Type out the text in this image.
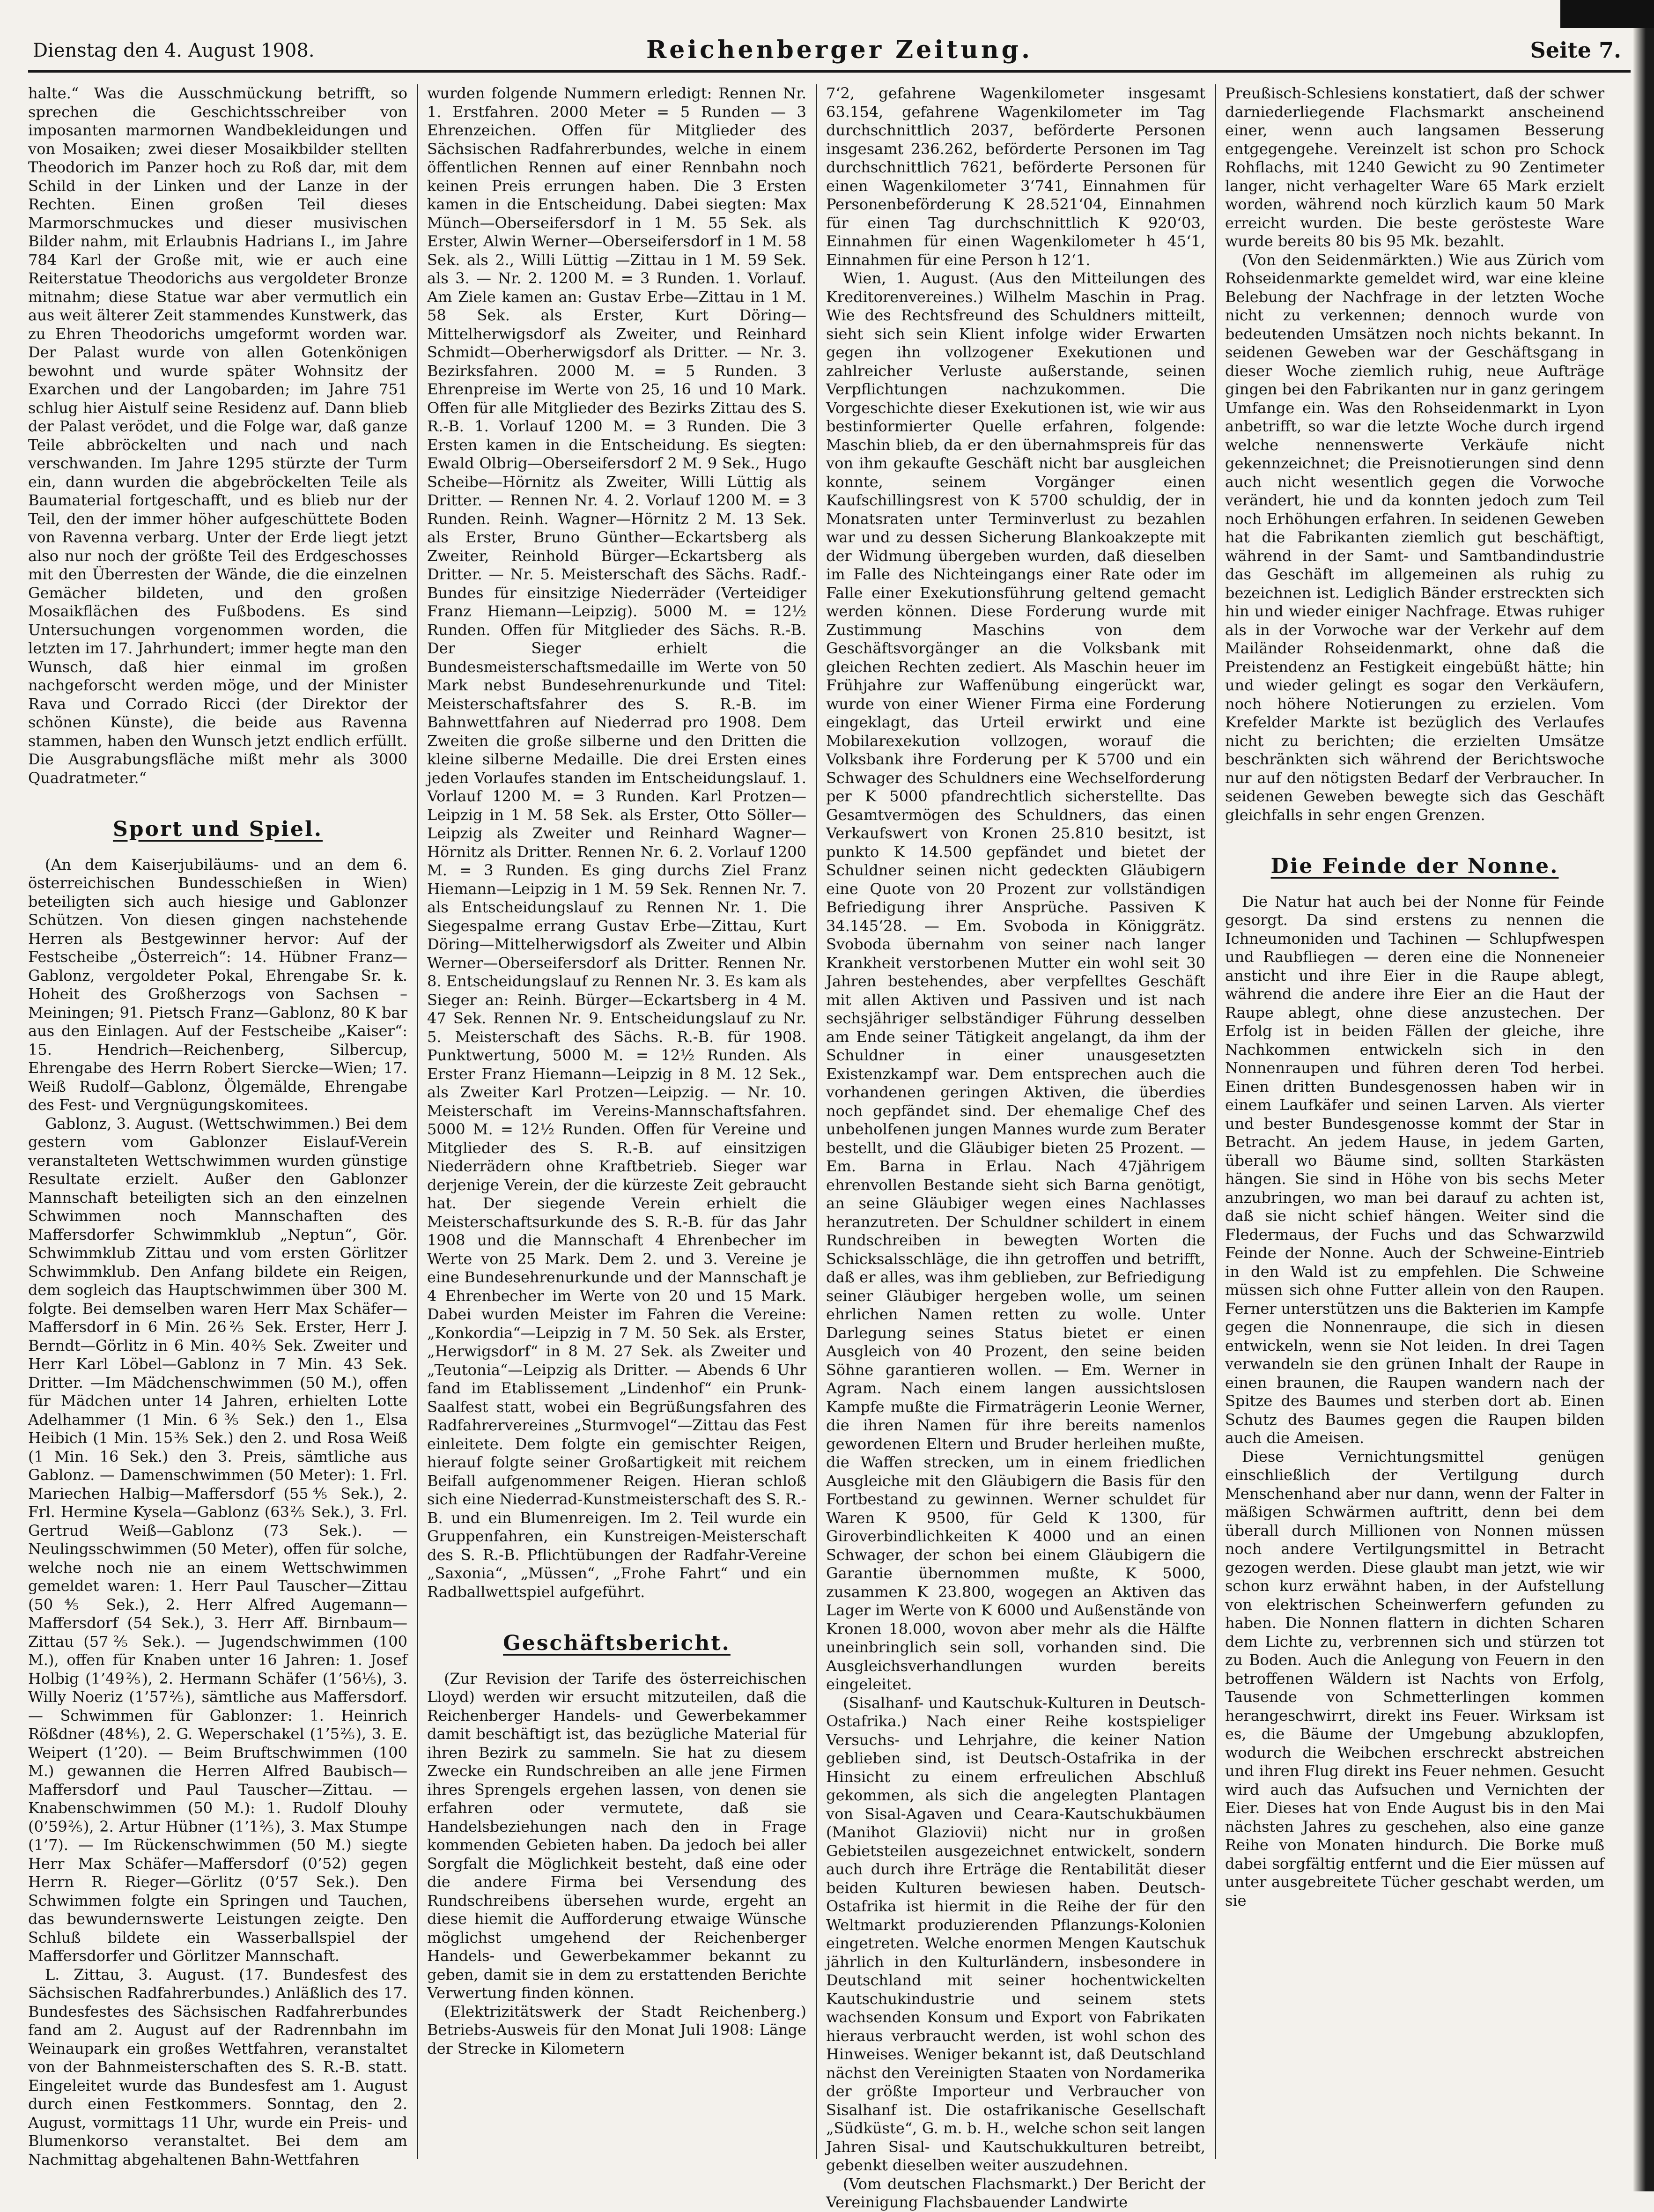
Dienstag den 4. August 1908.	Reichenberger Zeitung.	Seite 7.

halte.“ Was die Ausschmückung betrifft, so sprechen die Geschichtsschreiber von imposanten marmornen Wandbekleidungen und von Mosaiken; zwei dieser Mosaikbilder stellten Theodorich im Panzer hoch zu Roß dar, mit dem Schild in der Linken und der Lanze in der Rechten. Einen großen Teil dieses Marmorschmuckes und dieser musivischen Bilder nahm, mit Erlaubnis Hadrians I., im Jahre 784 Karl der Große mit, wie er auch eine Reiterstatue Theodorichs aus vergoldeter Bronze mitnahm; diese Statue war aber vermutlich ein aus weit älterer Zeit stammendes Kunstwerk, das zu Ehren Theodorichs umgeformt worden war. Der Palast wurde von allen Gotenkönigen bewohnt und wurde später Wohnsitz der Exarchen und der Langobarden; im Jahre 751 schlug hier Aistulf seine Residenz auf. Dann blieb der Palast verödet, und die Folge war, daß ganze Teile abbröckelten und nach und nach verschwanden. Im Jahre 1295 stürzte der Turm ein, dann wurden die abgebröckelten Teile als Baumaterial fortgeschafft, und es blieb nur der Teil, den der immer höher aufgeschüttete Boden von Ravenna verbarg. Unter der Erde liegt jetzt also nur noch der größte Teil des Erdgeschosses mit den Überresten der Wände, die die einzelnen Gemächer bildeten, und den großen Mosaikflächen des Fußbodens. Es sind Untersuchungen vorgenommen worden, die letzten im 17. Jahrhundert; immer hegte man den Wunsch, daß hier einmal im großen nachgeforscht werden möge, und der Minister Rava und Corrado Ricci (der Direktor der schönen Künste), die beide aus Ravenna stammen, haben den Wunsch jetzt endlich erfüllt. Die Ausgrabungsfläche mißt mehr als 3000 Quadratmeter.“

Sport und Spiel.

(An dem Kaiserjubiläums- und an dem 6. österreichischen Bundesschießen in Wien) beteiligten sich auch hiesige und Gablonzer Schützen. Von diesen gingen nachstehende Herren als Bestgewinner hervor: Auf der Festscheibe „Österreich“: 14. Hübner Franz—Gablonz, vergoldeter Pokal, Ehrengabe Sr. k. Hoheit des Großherzogs von Sachsen – Meiningen; 91. Pietsch Franz—Gablonz, 80 K bar aus den Einlagen. Auf der Festscheibe „Kaiser“: 15. Hendrich—Reichenberg, Silbercup, Ehrengabe des Herrn Robert Siercke—Wien; 17. Weiß Rudolf—Gablonz, Ölgemälde, Ehrengabe des Fest- und Vergnügungskomitees.

Gablonz, 3. August. (Wettschwimmen.) Bei dem gestern vom Gablonzer Eislauf-Verein veranstalteten Wettschwimmen wurden günstige Resultate erzielt. Außer den Gablonzer Mannschaft beteiligten sich an den einzelnen Schwimmen noch Mannschaften des Maffersdorfer Schwimmklub „Neptun“, Gör. Schwimmklub Zittau und vom ersten Görlitzer Schwimmklub. Den Anfang bildete ein Reigen, dem sogleich das Hauptschwimmen über 300 M. folgte. Bei demselben waren Herr Max Schäfer—Maffersdorf in 6 Min. 26⅖ Sek. Erster, Herr J. Berndt—Görlitz in 6 Min. 40⅖ Sek. Zweiter und Herr Karl Löbel—Gablonz in 7 Min. 43 Sek. Dritter. —Im Mädchenschwimmen (50 M.), offen für Mädchen unter 14 Jahren, erhielten Lotte Adelhammer (1 Min. 6⅗ Sek.) den 1., Elsa Heibich (1 Min. 15⅗ Sek.) den 2. und Rosa Weiß (1 Min. 16 Sek.) den 3. Preis, sämtliche aus Gablonz. — Damenschwimmen (50 Meter): 1. Frl. Mariechen Halbig—Maffersdorf (55⅘ Sek.), 2. Frl. Hermine Kysela—Gablonz (63⅖ Sek.), 3. Frl. Gertrud Weiß—Gablonz (73 Sek.). — Neulingsschwimmen (50 Meter), offen für solche, welche noch nie an einem Wettschwimmen gemeldet waren: 1. Herr Paul Tauscher—Zittau (50⅘ Sek.), 2. Herr Alfred Augemann—Maffersdorf (54 Sek.), 3. Herr Aff. Birnbaum—Zittau (57⅖ Sek.). — Jugendschwimmen (100 M.), offen für Knaben unter 16 Jahren: 1. Josef Holbig (1’49⅖), 2. Hermann Schäfer (1’56⅕), 3. Willy Noeriz (1’57⅖), sämtliche aus Maffersdorf. — Schwimmen für Gablonzer: 1. Heinrich Rößdner (48⅘), 2. G. Weperschakel (1’5⅖), 3. E. Weipert (1’20). — Beim Bruftschwimmen (100 M.) gewannen die Herren Alfred Baubisch—Maffersdorf und Paul Tauscher—Zittau. — Knabenschwimmen (50 M.): 1. Rudolf Dlouhy (0’59⅖), 2. Artur Hübner (1’1⅖), 3. Max Stumpe (1’7). — Im Rückenschwimmen (50 M.) siegte Herr Max Schäfer—Maffersdorf (0’52) gegen Herrn R. Rieger—Görlitz (0’57 Sek.). Den Schwimmen folgte ein Springen und Tauchen, das bewundernswerte Leistungen zeigte. Den Schluß bildete ein Wasserballspiel der Maffersdorfer und Görlitzer Mannschaft.

L. Zittau, 3. August. (17. Bundesfest des Sächsischen Radfahrerbundes.) Anläßlich des 17. Bundesfestes des Sächsischen Radfahrerbundes fand am 2. August auf der Radrennbahn im Weinaupark ein großes Wettfahren, veranstaltet von der Bahnmeisterschaften des S. R.-B. statt. Eingeleitet wurde das Bundesfest am 1. August durch einen Festkommers. Sonntag, den 2. August, vormittags 11 Uhr, wurde ein Preis- und Blumenkorso veranstaltet. Bei dem am Nachmittag abgehaltenen Bahn-Wettfahren

wurden folgende Nummern erledigt: Rennen Nr. 1. Erstfahren. 2000 Meter = 5 Runden — 3 Ehrenzeichen. Offen für Mitglieder des Sächsischen Radfahrerbundes, welche in einem öffentlichen Rennen auf einer Rennbahn noch keinen Preis errungen haben. Die 3 Ersten kamen in die Entscheidung. Dabei siegten: Max Münch—Oberseifersdorf in 1 M. 55 Sek. als Erster, Alwin Werner—Oberseifersdorf in 1 M. 58 Sek. als 2., Willi Lüttig —Zittau in 1 M. 59 Sek. als 3. — Nr. 2. 1200 M. = 3 Runden. 1. Vorlauf. Am Ziele kamen an: Gustav Erbe—Zittau in 1 M. 58 Sek. als Erster, Kurt Döring—Mittelherwigsdorf als Zweiter, und Reinhard Schmidt—Oberherwigsdorf als Dritter. — Nr. 3. Bezirksfahren. 2000 M. = 5 Runden. 3 Ehrenpreise im Werte von 25, 16 und 10 Mark. Offen für alle Mitglieder des Bezirks Zittau des S. R.-B. 1. Vorlauf 1200 M. = 3 Runden. Die 3 Ersten kamen in die Entscheidung. Es siegten: Ewald Olbrig—Oberseifersdorf 2 M. 9 Sek., Hugo Scheibe—Hörnitz als Zweiter, Willi Lüttig als Dritter. — Rennen Nr. 4. 2. Vorlauf 1200 M. = 3 Runden. Reinh. Wagner—Hörnitz 2 M. 13 Sek. als Erster, Bruno Günther—Eckartsberg als Zweiter, Reinhold Bürger—Eckartsberg als Dritter. — Nr. 5. Meisterschaft des Sächs. Radf.-Bundes für einsitzige Niederräder (Verteidiger Franz Hiemann—Leipzig). 5000 M. = 12½ Runden. Offen für Mitglieder des Sächs. R.-B. Der Sieger erhielt die Bundesmeisterschaftsmedaille im Werte von 50 Mark nebst Bundesehrenurkunde und Titel: Meisterschaftsfahrer des S. R.-B. im Bahnwettfahren auf Niederrad pro 1908. Dem Zweiten die große silberne und den Dritten die kleine silberne Medaille. Die drei Ersten eines jeden Vorlaufes standen im Entscheidungslauf. 1. Vorlauf 1200 M. = 3 Runden. Karl Protzen—Leipzig in 1 M. 58 Sek. als Erster, Otto Söller—Leipzig als Zweiter und Reinhard Wagner—Hörnitz als Dritter. Rennen Nr. 6. 2. Vorlauf 1200 M. = 3 Runden. Es ging durchs Ziel Franz Hiemann—Leipzig in 1 M. 59 Sek. Rennen Nr. 7. als Entscheidungslauf zu Rennen Nr. 1. Die Siegespalme errang Gustav Erbe—Zittau, Kurt Döring—Mittelherwigsdorf als Zweiter und Albin Werner—Oberseifersdorf als Dritter. Rennen Nr. 8. Entscheidungslauf zu Rennen Nr. 3. Es kam als Sieger an: Reinh. Bürger—Eckartsberg in 4 M. 47 Sek. Rennen Nr. 9. Entscheidungslauf zu Nr. 5. Meisterschaft des Sächs. R.-B. für 1908. Punktwertung, 5000 M. = 12½ Runden. Als Erster Franz Hiemann—Leipzig in 8 M. 12 Sek., als Zweiter Karl Protzen—Leipzig. — Nr. 10. Meisterschaft im Vereins-Mannschaftsfahren. 5000 M. = 12½ Runden. Offen für Vereine und Mitglieder des S. R.-B. auf einsitzigen Niederrädern ohne Kraftbetrieb. Sieger war derjenige Verein, der die kürzeste Zeit gebraucht hat. Der siegende Verein erhielt die Meisterschaftsurkunde des S. R.-B. für das Jahr 1908 und die Mannschaft 4 Ehrenbecher im Werte von 25 Mark. Dem 2. und 3. Vereine je eine Bundesehrenurkunde und der Mannschaft je 4 Ehrenbecher im Werte von 20 und 15 Mark. Dabei wurden Meister im Fahren die Vereine: „Konkordia“—Leipzig in 7 M. 50 Sek. als Erster, „Herwigsdorf“ in 8 M. 27 Sek. als Zweiter und „Teutonia“—Leipzig als Dritter. — Abends 6 Uhr fand im Etablissement „Lindenhof“ ein Prunk-Saalfest statt, wobei ein Begrüßungsfahren des Radfahrervereines „Sturmvogel“—Zittau das Fest einleitete. Dem folgte ein gemischter Reigen, hierauf folgte seiner Großartigkeit mit reichem Beifall aufgenommener Reigen. Hieran schloß sich eine Niederrad-Kunstmeisterschaft des S. R.-B. und ein Blumenreigen. Im 2. Teil wurde ein Gruppenfahren, ein Kunstreigen-Meisterschaft des S. R.-B. Pflichtübungen der Radfahr-Vereine „Saxonia“, „Müssen“, „Frohe Fahrt“ und ein Radballwettspiel aufgeführt.

Geschäftsbericht.

(Zur Revision der Tarife des österreichischen Lloyd) werden wir ersucht mitzuteilen, daß die Reichenberger Handels- und Gewerbekammer damit beschäftigt ist, das bezügliche Material für ihren Bezirk zu sammeln. Sie hat zu diesem Zwecke ein Rundschreiben an alle jene Firmen ihres Sprengels ergehen lassen, von denen sie erfahren oder vermutete, daß sie Handelsbeziehungen nach den in Frage kommenden Gebieten haben. Da jedoch bei aller Sorgfalt die Möglichkeit besteht, daß eine oder die andere Firma bei Versendung des Rundschreibens übersehen wurde, ergeht an diese hiemit die Aufforderung etwaige Wünsche möglichst umgehend der Reichenberger Handels- und Gewerbekammer bekannt zu geben, damit sie in dem zu erstattenden Berichte Verwertung finden können.

(Elektrizitätswerk der Stadt Reichenberg.) Betriebs-Ausweis für den Monat Juli 1908: Länge der Strecke in Kilometern

7‘2, gefahrene Wagenkilometer insgesamt 63.154, gefahrene Wagenkilometer im Tag durchschnittlich 2037, beförderte Personen insgesamt 236.262, beförderte Personen im Tag durchschnittlich 7621, beförderte Personen für einen Wagenkilometer 3‘741, Einnahmen für Personenbeförderung K 28.521‘04, Einnahmen für einen Tag durchschnittlich K 920‘03, Einnahmen für einen Wagenkilometer h 45‘1, Einnahmen für eine Person h 12‘1.

Wien, 1. August. (Aus den Mitteilungen des Kreditorenvereines.) Wilhelm Maschin in Prag. Wie des Rechtsfreund des Schuldners mitteilt, sieht sich sein Klient infolge wider Erwarten gegen ihn vollzogener Exekutionen und zahlreicher Verluste außerstande, seinen Verpflichtungen nachzukommen. Die Vorgeschichte dieser Exekutionen ist, wie wir aus bestinformierter Quelle erfahren, folgende: Maschin blieb, da er den übernahmspreis für das von ihm gekaufte Geschäft nicht bar ausgleichen konnte, seinem Vorgänger einen Kaufschillingsrest von K 5700 schuldig, der in Monatsraten unter Terminverlust zu bezahlen war und zu dessen Sicherung Blankoakzepte mit der Widmung übergeben wurden, daß dieselben im Falle des Nichteingangs einer Rate oder im Falle einer Exekutionsführung geltend gemacht werden können. Diese Forderung wurde mit Zustimmung Maschins von dem Geschäftsvorgänger an die Volksbank mit gleichen Rechten zediert. Als Maschin heuer im Frühjahre zur Waffenübung eingerückt war, wurde von einer Wiener Firma eine Forderung eingeklagt, das Urteil erwirkt und eine Mobilarexekution vollzogen, worauf die Volksbank ihre Forderung per K 5700 und ein Schwager des Schuldners eine Wechselforderung per K 5000 pfandrechtlich sicherstellte. Das Gesamtvermögen des Schuldners, das einen Verkaufswert von Kronen 25.810 besitzt, ist punkto K 14.500 gepfändet und bietet der Schuldner seinen nicht gedeckten Gläubigern eine Quote von 20 Prozent zur vollständigen Befriedigung ihrer Ansprüche. Passiven K 34.145‘28. — Em. Svoboda in Königgrätz. Svoboda übernahm von seiner nach langer Krankheit verstorbenen Mutter ein wohl seit 30 Jahren bestehendes, aber verpfelltes Geschäft mit allen Aktiven und Passiven und ist nach sechsjähriger selbständiger Führung desselben am Ende seiner Tätigkeit angelangt, da ihm der Schuldner in einer unausgesetzten Existenzkampf war. Dem entsprechen auch die vorhandenen geringen Aktiven, die überdies noch gepfändet sind. Der ehemalige Chef des unbeholfenen jungen Mannes wurde zum Berater bestellt, und die Gläubiger bieten 25 Prozent. — Em. Barna in Erlau. Nach 47jährigem ehrenvollen Bestande sieht sich Barna genötigt, an seine Gläubiger wegen eines Nachlasses heranzutreten. Der Schuldner schildert in einem Rundschreiben in bewegten Worten die Schicksalsschläge, die ihn getroffen und betrifft, daß er alles, was ihm geblieben, zur Befriedigung seiner Gläubiger hergeben wolle, um seinen ehrlichen Namen retten zu wolle. Unter Darlegung seines Status bietet er einen Ausgleich von 40 Prozent, den seine beiden Söhne garantieren wollen. — Em. Werner in Agram. Nach einem langen aussichtslosen Kampfe mußte die Firmaträgerin Leonie Werner, die ihren Namen für ihre bereits namenlos gewordenen Eltern und Bruder herleihen mußte, die Waffen strecken, um in einem friedlichen Ausgleiche mit den Gläubigern die Basis für den Fortbestand zu gewinnen. Werner schuldet für Waren K 9500, für Geld K 1300, für Giroverbindlichkeiten K 4000 und an einen Schwager, der schon bei einem Gläubigern die Garantie übernommen mußte, K 5000, zusammen K 23.800, wogegen an Aktiven das Lager im Werte von K 6000 und Außenstände von Kronen 18.000, wovon aber mehr als die Hälfte uneinbringlich sein soll, vorhanden sind. Die Ausgleichsverhandlungen wurden bereits eingeleitet.

(Sisalhanf- und Kautschuk-Kulturen in Deutsch-Ostafrika.) Nach einer Reihe kostspieliger Versuchs- und Lehrjahre, die keiner Nation geblieben sind, ist Deutsch-Ostafrika in der Hinsicht zu einem erfreulichen Abschluß gekommen, als sich die angelegten Plantagen von Sisal-Agaven und Ceara-Kautschukbäumen (Manihot Glaziovii) nicht nur in großen Gebietsteilen ausgezeichnet entwickelt, sondern auch durch ihre Erträge die Rentabilität dieser beiden Kulturen bewiesen haben. Deutsch-Ostafrika ist hiermit in die Reihe der für den Weltmarkt produzierenden Pflanzungs-Kolonien eingetreten. Welche enormen Mengen Kautschuk jährlich in den Kulturländern, insbesondere in Deutschland mit seiner hochentwickelten Kautschukindustrie und seinem stets wachsenden Konsum und Export von Fabrikaten hieraus verbraucht werden, ist wohl schon des Hinweises. Weniger bekannt ist, daß Deutschland nächst den Vereinigten Staaten von Nordamerika der größte Importeur und Verbraucher von Sisalhanf ist. Die ostafrikanische Gesellschaft „Südküste“, G. m. b. H., welche schon seit langen Jahren Sisal- und Kautschukkulturen betreibt, gebenkt dieselben weiter auszudehnen.

(Vom deutschen Flachsmarkt.) Der Bericht der Vereinigung Flachsbauender Landwirte

Preußisch-Schlesiens konstatiert, daß der schwer darniederliegende Flachsmarkt anscheinend einer, wenn auch langsamen Besserung entgegengehe. Vereinzelt ist schon pro Schock Rohflachs, mit 1240 Gewicht zu 90 Zentimeter langer, nicht verhagelter Ware 65 Mark erzielt worden, während noch kürzlich kaum 50 Mark erreicht wurden. Die beste gerösteste Ware wurde bereits 80 bis 95 Mk. bezahlt.

(Von den Seidenmärkten.) Wie aus Zürich vom Rohseidenmarkte gemeldet wird, war eine kleine Belebung der Nachfrage in der letzten Woche nicht zu verkennen; dennoch wurde von bedeutenden Umsätzen noch nichts bekannt. In seidenen Geweben war der Geschäftsgang in dieser Woche ziemlich ruhig, neue Aufträge gingen bei den Fabrikanten nur in ganz geringem Umfange ein. Was den Rohseidenmarkt in Lyon anbetrifft, so war die letzte Woche durch irgend welche nennenswerte Verkäufe nicht gekennzeichnet; die Preisnotierungen sind denn auch nicht wesentlich gegen die Vorwoche verändert, hie und da konnten jedoch zum Teil noch Erhöhungen erfahren. In seidenen Geweben hat die Fabrikanten ziemlich gut beschäftigt, während in der Samt- und Samtbandindustrie das Geschäft im allgemeinen als ruhig zu bezeichnen ist. Lediglich Bänder erstreckten sich hin und wieder einiger Nachfrage. Etwas ruhiger als in der Vorwoche war der Verkehr auf dem Mailänder Rohseidenmarkt, ohne daß die Preistendenz an Festigkeit eingebüßt hätte; hin und wieder gelingt es sogar den Verkäufern, noch höhere Notierungen zu erzielen. Vom Krefelder Markte ist bezüglich des Verlaufes nicht zu berichten; die erzielten Umsätze beschränkten sich während der Berichtswoche nur auf den nötigsten Bedarf der Verbraucher. In seidenen Geweben bewegte sich das Geschäft gleichfalls in sehr engen Grenzen.

Die Feinde der Nonne.

Die Natur hat auch bei der Nonne für Feinde gesorgt. Da sind erstens zu nennen die Ichneumoniden und Tachinen — Schlupfwespen und Raubfliegen — deren eine die Nonneneier ansticht und ihre Eier in die Raupe ablegt, während die andere ihre Eier an die Haut der Raupe ablegt, ohne diese anzustechen. Der Erfolg ist in beiden Fällen der gleiche, ihre Nachkommen entwickeln sich in den Nonnenraupen und führen deren Tod herbei. Einen dritten Bundesgenossen haben wir in einem Laufkäfer und seinen Larven. Als vierter und bester Bundesgenosse kommt der Star in Betracht. An jedem Hause, in jedem Garten, überall wo Bäume sind, sollten Starkästen hängen. Sie sind in Höhe von bis sechs Meter anzubringen, wo man bei darauf zu achten ist, daß sie nicht schief hängen. Weiter sind die Fledermaus, der Fuchs und das Schwarzwild Feinde der Nonne. Auch der Schweine-Eintrieb in den Wald ist zu empfehlen. Die Schweine müssen sich ohne Futter allein von den Raupen. Ferner unterstützen uns die Bakterien im Kampfe gegen die Nonnenraupe, die sich in diesen entwickeln, wenn sie Not leiden. In drei Tagen verwandeln sie den grünen Inhalt der Raupe in einen braunen, die Raupen wandern nach der Spitze des Baumes und sterben dort ab. Einen Schutz des Baumes gegen die Raupen bilden auch die Ameisen.

Diese Vernichtungsmittel genügen einschließlich der Vertilgung durch Menschenhand aber nur dann, wenn der Falter in mäßigen Schwärmen auftritt, denn bei dem überall durch Millionen von Nonnen müssen noch andere Vertilgungsmittel in Betracht gezogen werden. Diese glaubt man jetzt, wie wir schon kurz erwähnt haben, in der Aufstellung von elektrischen Scheinwerfern gefunden zu haben. Die Nonnen flattern in dichten Scharen dem Lichte zu, verbrennen sich und stürzen tot zu Boden. Auch die Anlegung von Feuern in den betroffenen Wäldern ist Nachts von Erfolg, Tausende von Schmetterlingen kommen herangeschwirrt, direkt ins Feuer. Wirksam ist es, die Bäume der Umgebung abzuklopfen, wodurch die Weibchen erschreckt abstreichen und ihren Flug direkt ins Feuer nehmen. Gesucht wird auch das Aufsuchen und Vernichten der Eier. Dieses hat von Ende August bis in den Mai nächsten Jahres zu geschehen, also eine ganze Reihe von Monaten hindurch. Die Borke muß dabei sorgfältig entfernt und die Eier müssen auf unter ausgebreitete Tücher geschabt werden, um sie
